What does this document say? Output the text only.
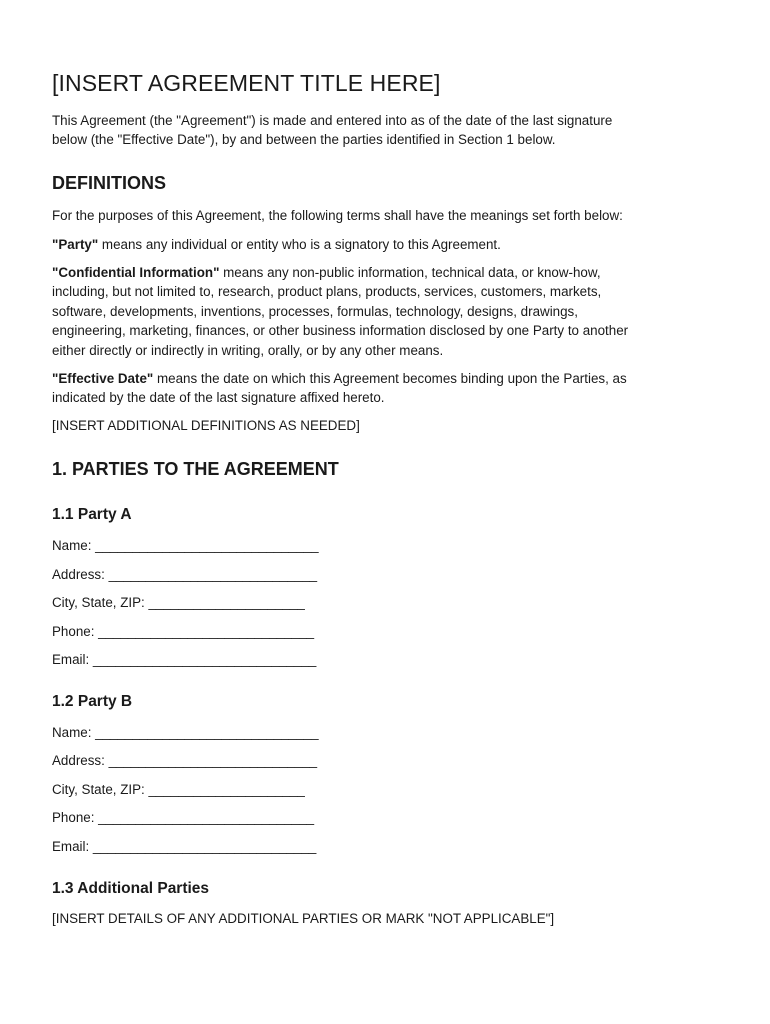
[INSERT AGREEMENT TITLE HERE]

This Agreement (the "Agreement") is made and entered into as of the date of the last signature
below (the "Effective Date"), by and between the parties identified in Section 1 below.

DEFINITIONS

For the purposes of this Agreement, the following terms shall have the meanings set forth below:

"Party" means any individual or entity who is a signatory to this Agreement.

"Confidential Information" means any non-public information, technical data, or know-how,
including, but not limited to, research, product plans, products, services, customers, markets,
software, developments, inventions, processes, formulas, technology, designs, drawings,
engineering, marketing, finances, or other business information disclosed by one Party to another
either directly or indirectly in writing, orally, or by any other means.

"Effective Date" means the date on which this Agreement becomes binding upon the Parties, as
indicated by the date of the last signature affixed hereto.

[INSERT ADDITIONAL DEFINITIONS AS NEEDED]

1. PARTIES TO THE AGREEMENT
1.1 Party A
Name: ______________________________
Address: ____________________________
City, State, ZIP: _____________________
Phone: _____________________________
Email: ______________________________
1.2 Party B
Name: ______________________________
Address: ____________________________
City, State, ZIP: _____________________
Phone: _____________________________
Email: ______________________________
1.3 Additional Parties

[INSERT DETAILS OF ANY ADDITIONAL PARTIES OR MARK "NOT APPLICABLE"]
